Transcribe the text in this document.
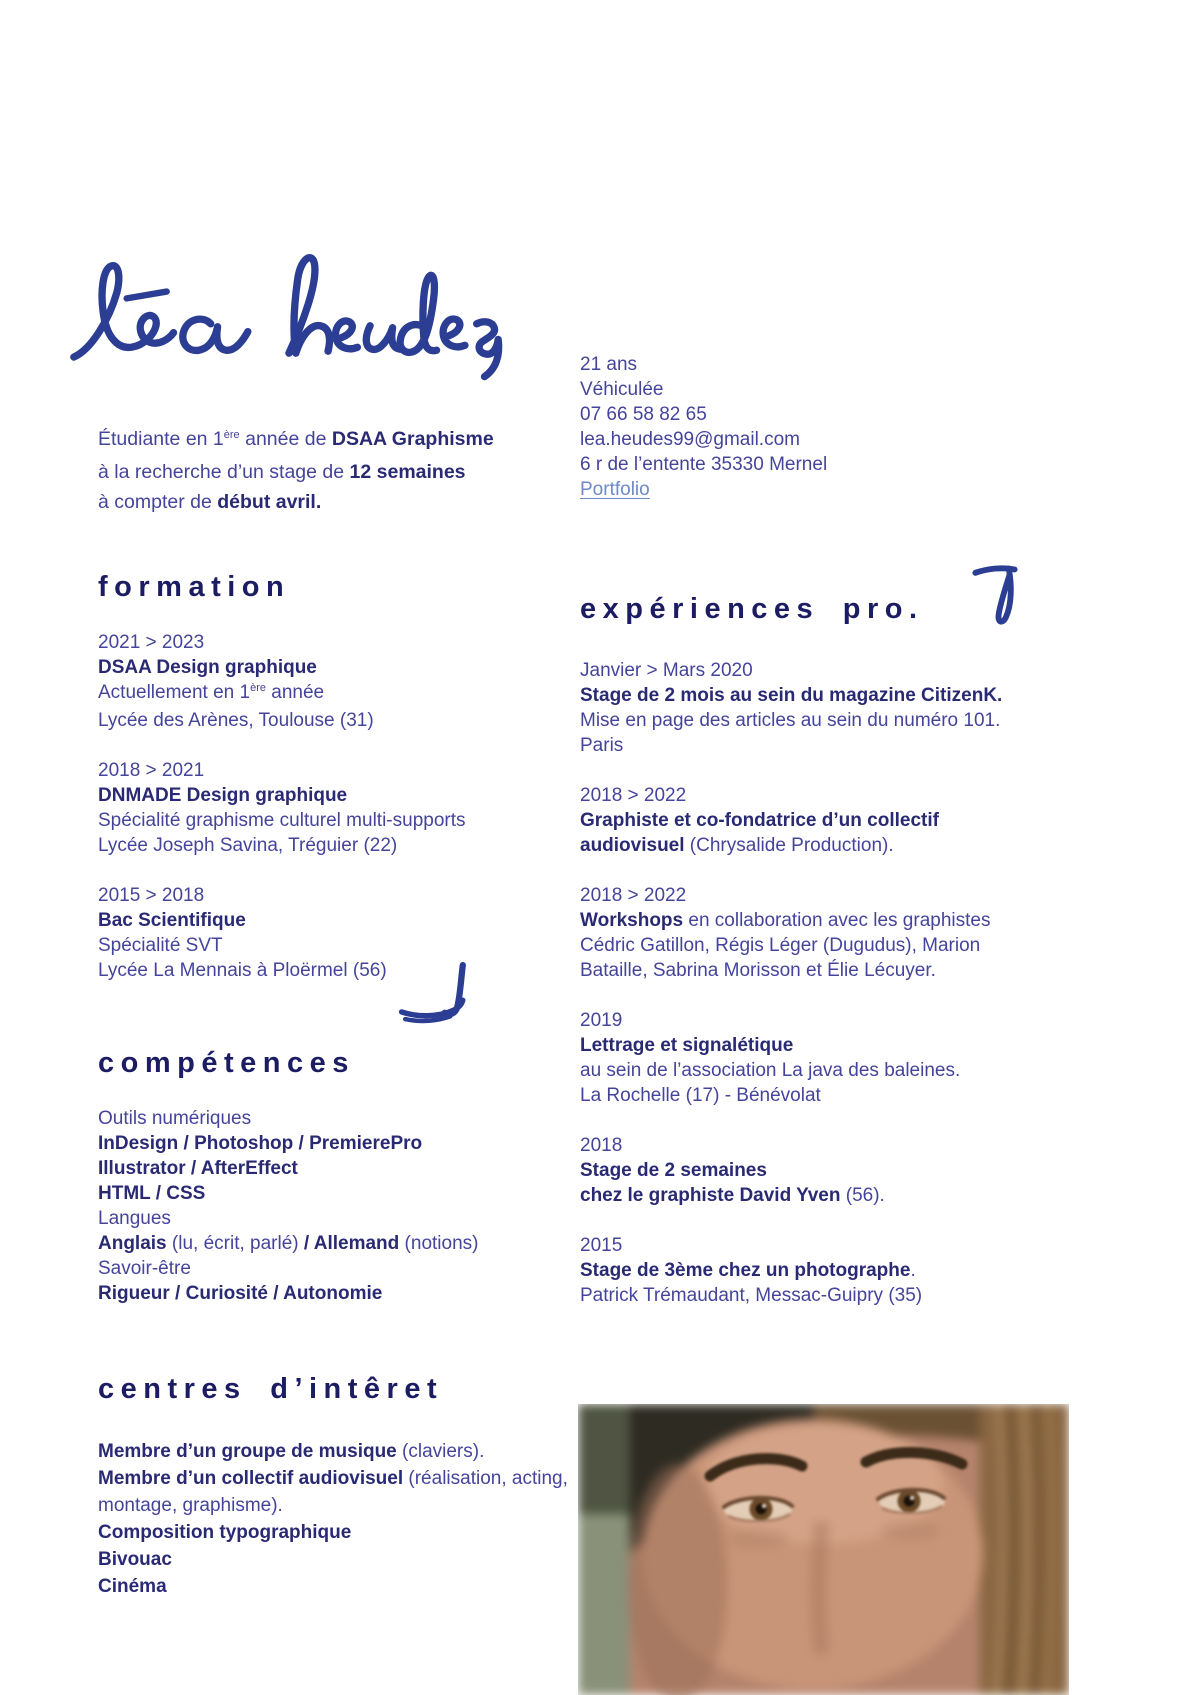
Étudiante en 1ère année de DSAA Graphisme

à la recherche d’un stage de 12 semaines

à compter de début avril.

21 ans

Véhiculée

07 66 58 82 65

lea.heudes99@gmail.com

6 r de l’entente 35330 Mernel

Portfolio

formation

2021 > 2023

DSAA Design graphique

Actuellement en 1ère année

Lycée des Arènes, Toulouse (31)

2018 > 2021

DNMADE Design graphique

Spécialité graphisme culturel multi-supports

Lycée Joseph Savina, Tréguier (22)

2015 > 2018

Bac Scientifique

Spécialité SVT

Lycée La Mennais à Ploërmel (56)

compétences

Outils numériques

InDesign / Photoshop / PremierePro

Illustrator / AfterEffect

HTML / CSS

Langues

Anglais (lu, écrit, parlé) / Allemand (notions)

Savoir-être

Rigueur / Curiosité / Autonomie

centres d’intêret

Membre d’un groupe de musique (claviers).

Membre d’un collectif audiovisuel (réalisation, acting, montage, graphisme).

Composition typographique

Bivouac

Cinéma

expériences pro.

Janvier > Mars 2020

Stage de 2 mois au sein du magazine CitizenK.

Mise en page des articles au sein du numéro 101.

Paris

2018 > 2022

Graphiste et co-fondatrice d’un collectif audiovisuel (Chrysalide Production).

2018 > 2022

Workshops en collaboration avec les graphistes Cédric Gatillon, Régis Léger (Dugudus), Marion Bataille, Sabrina Morisson et Élie Lécuyer.

2019

Lettrage et signalétique

au sein de l’association La java des baleines.

La Rochelle (17) - Bénévolat

2018

Stage de 2 semaines

chez le graphiste David Yven (56).

2015

Stage de 3ème chez un photographe.

Patrick Trémaudant, Messac-Guipry (35)
